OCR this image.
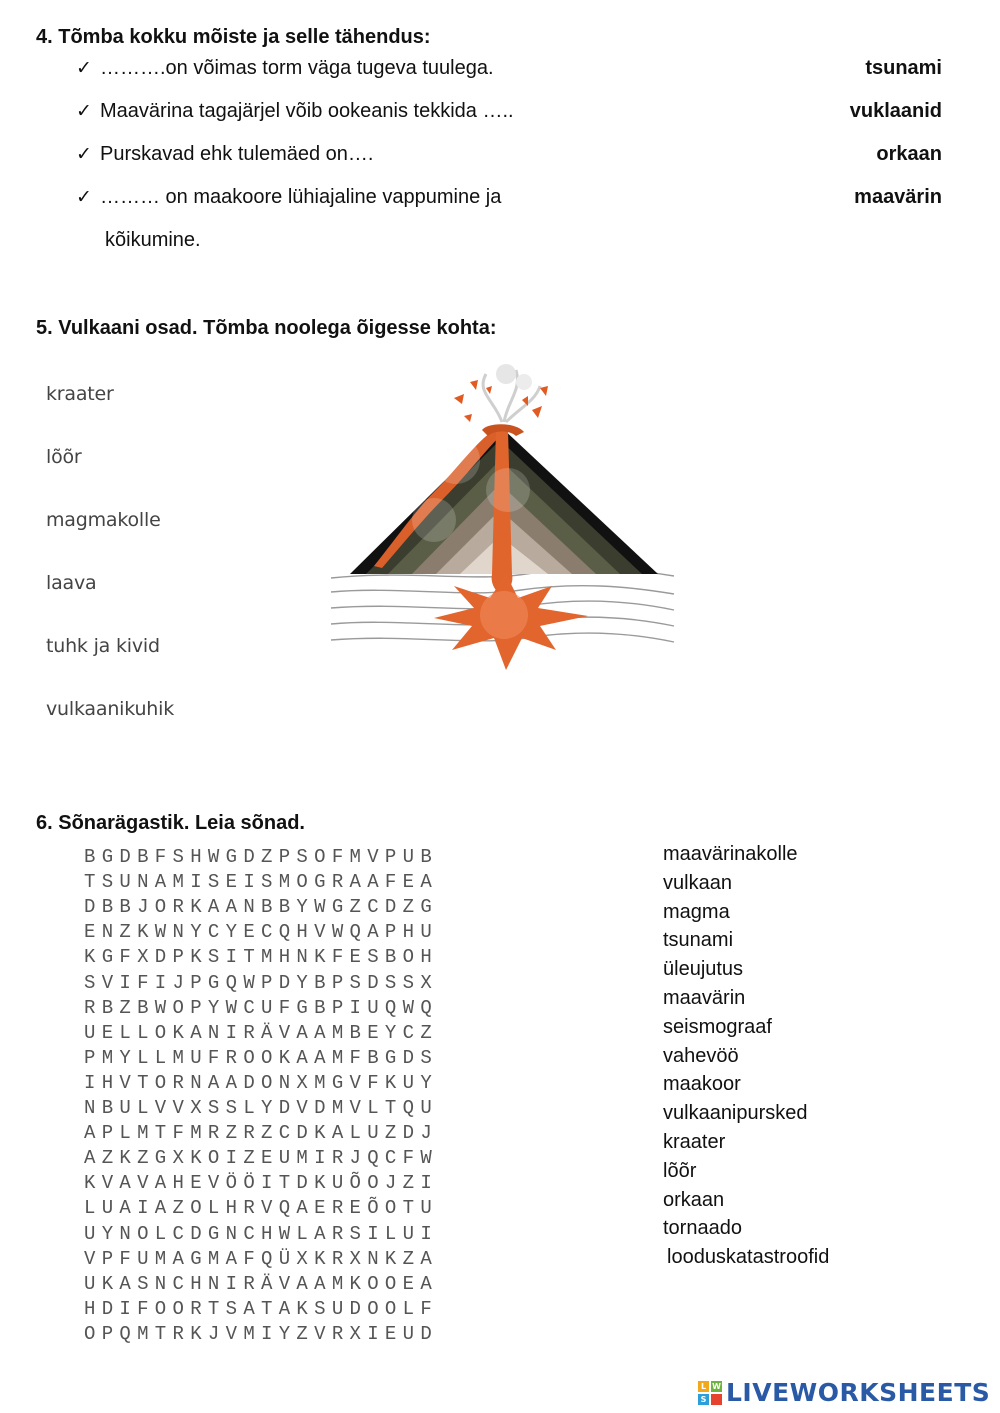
4. Tõmba kokku mõiste ja selle tähendus:
✓ ……….on võimas torm väga tugeva tuulega.	tsunami
✓ Maavärina tagajärjel võib ookeanis tekkida …..	vuklaanid
✓ Purskavad ehk tulemäed on….	orkaan
✓ ……… on maakoore lühiajaline vappumine ja	maavärin
kõikumine.
5. Vulkaani osad. Tõmba noolega õigesse kohta:
kraater
lõõr
magmakolle
laava
tuhk ja kivid
vulkaanikuhik
6. Sõnarägastik. Leia sõnad.
BGDBFSHWGDZPSOFMVPUB
TSUNAMISEISMOGRAAFEA
DBBJORKAANBBYWGZCDZG
ENZKWNYCYECQHVWQAPHU
KGFXDPKSITMHNKFESBOH
SVIFIJPGQWPDYBPSDSSX
RBZBWOPYWCUFGBPIUQWQ
UELLOKANIRÄVAAMBEYCZ
PMYLLMUFROOKAAMFBGDS
IHVTORNAADONXMGVFKUY
NBULVVXSSLYDVDMVLTQU
APLMTFMRZRZCDKALUZDJ
AZKZGXKOIZEUMIRJQCFW
KVAVAHEVÖÖITDKUÕOJZI
LUAIAZOLHRVQAEREÕOTU
UYNOLCDGNCHWLARSILUI
VPFUMAGMAFQÜXKRXNKZA
UKASNCHNIRÄVAAMKOOEA
HDIFOORTSATAKSUDOOLF
OPQMTRKJVMIYZVRXIEUD
maavärinakolle
vulkaan
magma
tsunami
üleujutus
maavärin
seismograaf
vahevöö
maakoor
vulkaanipursked
kraater
lõõr
orkaan
tornaado
looduskatastroofid
L W
S LIVEWORKSHEETS
